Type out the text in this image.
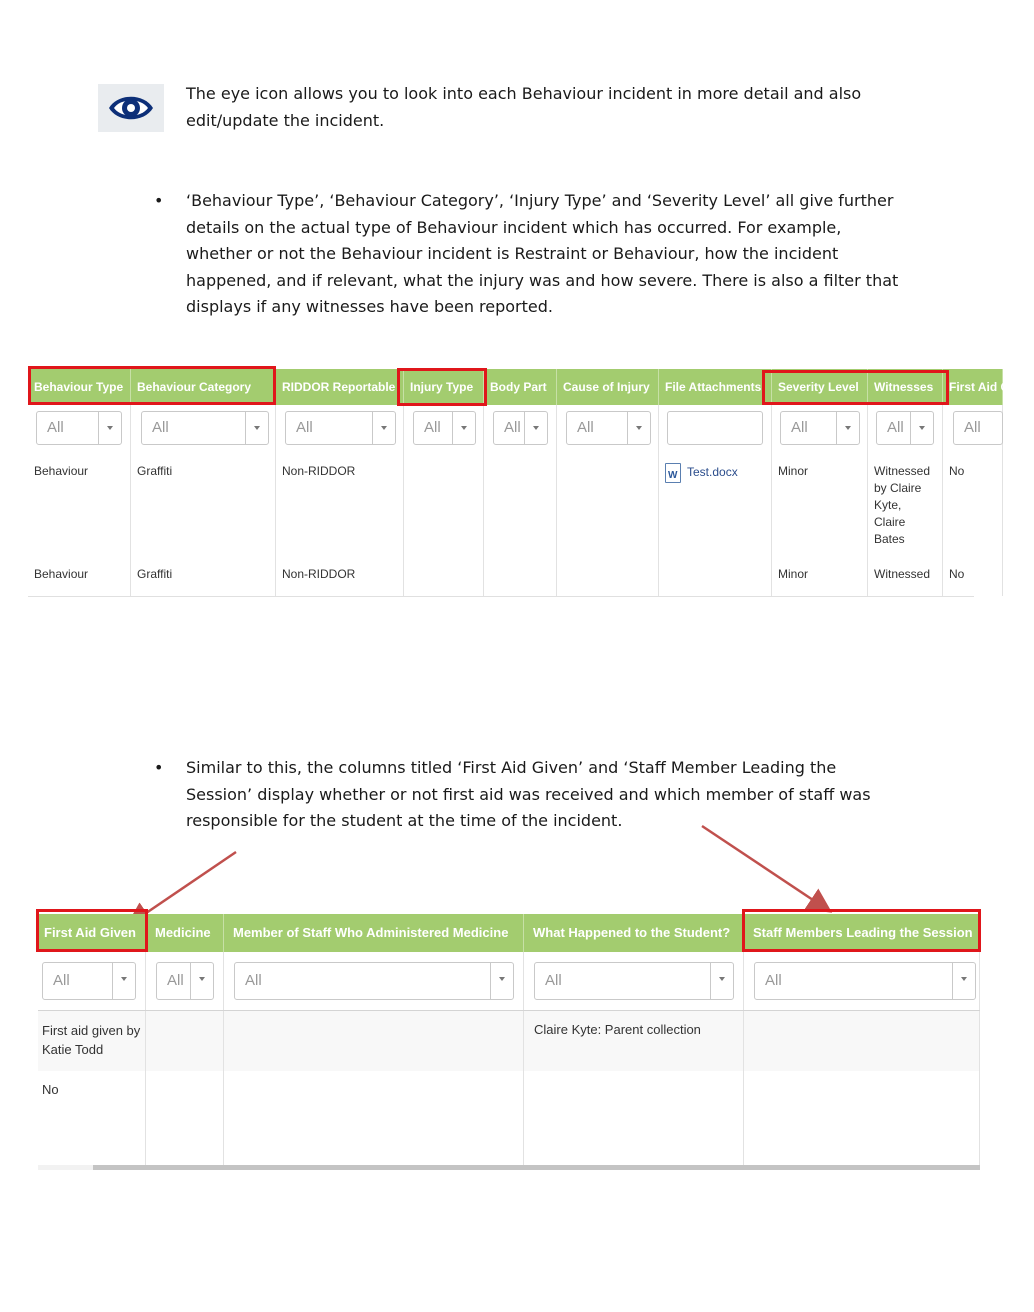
The eye icon allows you to look into each Behaviour incident in more detail and also edit/update the incident.
• ‘Behaviour Type’, ‘Behaviour Category’, ‘Injury Type’ and ‘Severity Level’ all give further details on the actual type of Behaviour incident which has occurred. For example, whether or not the Behaviour incident is Restraint or Behaviour, how the incident happened, and if relevant, what the injury was and how severe. There is also a filter that displays if any witnesses have been reported.
Behaviour Type	Behaviour Category	RIDDOR Reportable	Injury Type	Body Part	Cause of Injury	File Attachments	Severity Level	Witnesses	First Aid Given
All	All	All	All	All	All	All	All	All
Behaviour	Graffiti	Non-RIDDOR
W	Test.docx	Minor	Witnessed by Claire Kyte, Claire Bates
No
Behaviour	Graffiti	Non-RIDDOR	Minor	Witnessed	No
• Similar to this, the columns titled ‘First Aid Given’ and ‘Staff Member Leading the Session’ display whether or not first aid was received and which member of staff was responsible for the student at the time of the incident.
First Aid Given	Medicine	Member of Staff Who Administered Medicine	What Happened to the Student?	Staff Members Leading the Session
All	All	All	All	All
First aid given by Katie Todd
Claire Kyte: Parent collection
No
